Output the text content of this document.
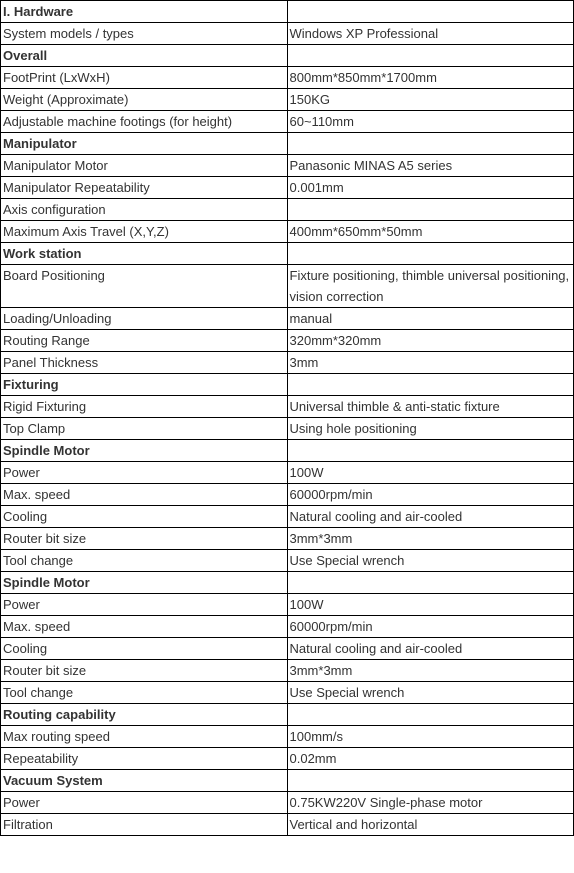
I. Hardware	
System models / types	Windows XP Professional
Overall	
FootPrint (LxWxH)	800mm*850mm*1700mm
Weight (Approximate)	150KG
Adjustable machine footings (for height)	60~110mm
Manipulator	
Manipulator Motor	Panasonic MINAS A5 series
Manipulator Repeatability	0.001mm
Axis configuration	
Maximum Axis Travel (X,Y,Z)	400mm*650mm*50mm
Work station	
Board Positioning	Fixture positioning, thimble universal positioning, vision correction
Loading/Unloading	manual
Routing Range	320mm*320mm
Panel Thickness	3mm
Fixturing	
Rigid Fixturing	Universal thimble & anti-static fixture
Top Clamp	Using hole positioning
Spindle Motor	
Power	100W
Max. speed	60000rpm/min
Cooling	Natural cooling and air-cooled
Router bit size	3mm*3mm
Tool change	Use Special wrench
Spindle Motor	
Power	100W
Max. speed	60000rpm/min
Cooling	Natural cooling and air-cooled
Router bit size	3mm*3mm
Tool change	Use Special wrench
Routing capability	
Max routing speed	100mm/s
Repeatability	0.02mm
Vacuum System	
Power	0.75KW220V Single-phase motor
Filtration	Vertical and horizontal
